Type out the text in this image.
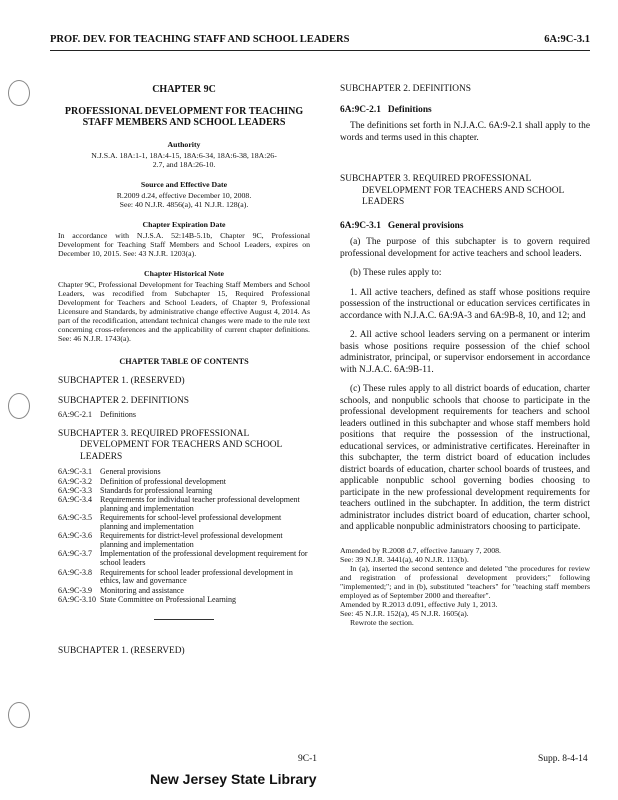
PROF. DEV. FOR TEACHING STAFF AND SCHOOL LEADERS	6A:9C-3.1

CHAPTER 9C

PROFESSIONAL DEVELOPMENT FOR TEACHING

STAFF MEMBERS AND SCHOOL LEADERS

Authority

N.J.S.A. 18A:1-1, 18A:4-15, 18A:6-34, 18A:6-38, 18A:26-2.7, and 18A:26-10.

Source and Effective Date

R.2009 d.24, effective December 10, 2008.

See: 40 N.J.R. 4856(a), 41 N.J.R. 128(a).

Chapter Expiration Date

In accordance with N.J.S.A. 52:14B-5.1b, Chapter 9C, Professional Development for Teaching Staff Members and School Leaders, expires on December 10, 2015. See: 43 N.J.R. 1203(a).

Chapter Historical Note

Chapter 9C, Professional Development for Teaching Staff Members and School Leaders, was recodified from Subchapter 15, Required Professional Development for Teachers and School Leaders, of Chapter 9, Professional Licensure and Standards, by administrative change effective August 4, 2014. As part of the recodification, attendant technical changes were made to the rule text concerning cross-references and the applicability of current chapter definitions. See: 46 N.J.R. 1743(a).

CHAPTER TABLE OF CONTENTS

SUBCHAPTER 1. (RESERVED)

SUBCHAPTER 2. DEFINITIONS

6A:9C-2.1	Definitions

SUBCHAPTER 3. REQUIRED PROFESSIONAL DEVELOPMENT FOR TEACHERS AND SCHOOL LEADERS

6A:9C-3.1	General provisions
6A:9C-3.2	Definition of professional development
6A:9C-3.3	Standards for professional learning
6A:9C-3.4	Requirements for individual teacher professional development planning and implementation
6A:9C-3.5	Requirements for school-level professional development planning and implementation
6A:9C-3.6	Requirements for district-level professional development planning and implementation
6A:9C-3.7	Implementation of the professional development requirement for school leaders
6A:9C-3.8	Requirements for school leader professional development in ethics, law and governance
6A:9C-3.9	Monitoring and assistance
6A:9C-3.10 State Committee on Professional Learning

SUBCHAPTER 1. (RESERVED)

SUBCHAPTER 2. DEFINITIONS

6A:9C-2.1 Definitions

The definitions set forth in N.J.A.C. 6A:9-2.1 shall apply to the words and terms used in this chapter.

SUBCHAPTER 3. REQUIRED PROFESSIONAL DEVELOPMENT FOR TEACHERS AND SCHOOL LEADERS

6A:9C-3.1 General provisions

(a) The purpose of this subchapter is to govern required professional development for active teachers and school leaders.

(b) These rules apply to:

1. All active teachers, defined as staff whose positions require possession of the instructional or education services certificates in accordance with N.J.A.C. 6A:9A-3 and 6A:9B-8, 10, and 12; and

2. All active school leaders serving on a permanent or interim basis whose positions require possession of the chief school administrator, principal, or supervisor endorsement in accordance with N.J.A.C. 6A:9B-11.

(c) These rules apply to all district boards of education, charter schools, and nonpublic schools that choose to participate in the professional development requirements for teachers and school leaders outlined in this subchapter and whose staff members hold positions that require the possession of the instructional, educational services, or administrative certificates. Hereinafter in this subchapter, the term district board of education includes district boards of education, charter school boards of trustees, and applicable nonpublic school governing bodies choosing to participate in the new professional development requirements for teachers outlined in the subchapter. In addition, the term district administrator includes district board of education, charter school, and applicable nonpublic administrators choosing to participate.

Amended by R.2008 d.7, effective January 7, 2008.

See: 39 N.J.R. 3441(a), 40 N.J.R. 113(b).

In (a), inserted the second sentence and deleted "the procedures for review and registration of professional development providers;" following "implemented;"; and in (b), substituted "teachers" for "teaching staff members employed as of September 2000 and thereafter".

Amended by R.2013 d.091, effective July 1, 2013.

See: 45 N.J.R. 152(a), 45 N.J.R. 1605(a).

Rewrote the section.

9C-1	Supp. 8-4-14
New Jersey State Library
